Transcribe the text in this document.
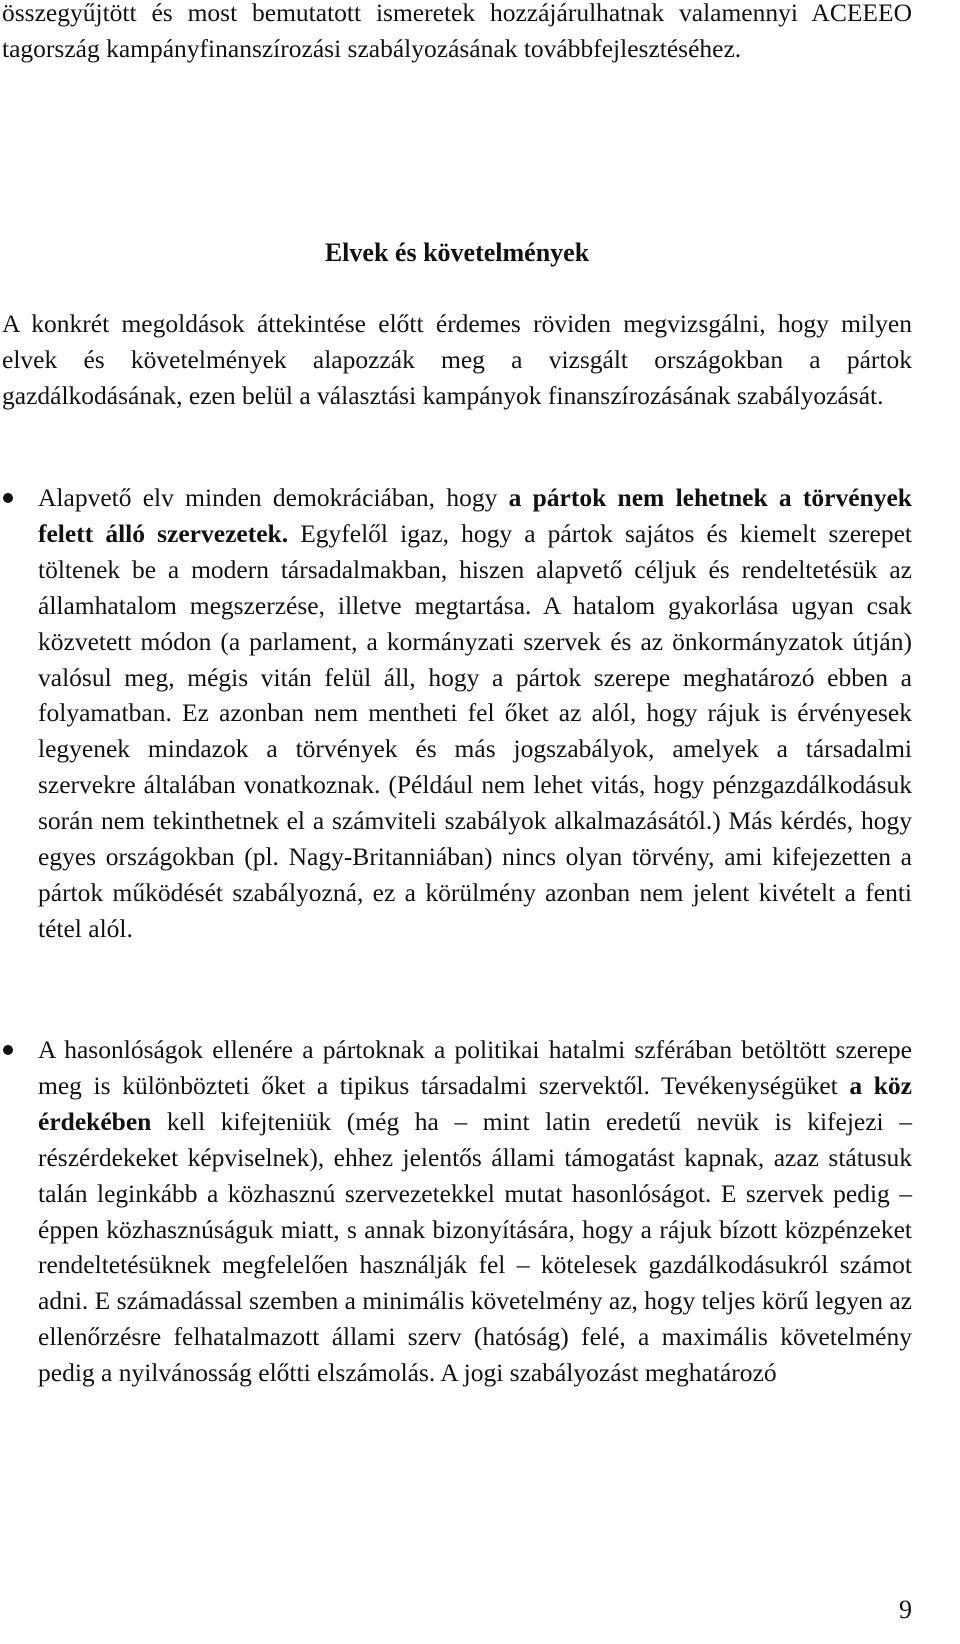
összegyűjtött és most bemutatott ismeretek hozzájárulhatnak valamennyi ACEEEO tagország kampányfinanszírozási szabályozásának továbbfejlesztéséhez.

Elvek és követelmények

A konkrét megoldások áttekintése előtt érdemes röviden megvizsgálni, hogy milyen elvek és követelmények alapozzák meg a vizsgált országokban a pártok gazdálkodásának, ezen belül a választási kampányok finanszírozásának szabályozását.

Alapvető elv minden demokráciában, hogy a pártok nem lehetnek a törvények felett álló szervezetek. Egyfelől igaz, hogy a pártok sajátos és kiemelt szerepet töltenek be a modern társadalmakban, hiszen alapvető céljuk és rendeltetésük az államhatalom megszerzése, illetve megtartása. A hatalom gyakorlása ugyan csak közvetett módon (a parlament, a kormányzati szervek és az önkormányzatok útján) valósul meg, mégis vitán felül áll, hogy a pártok szerepe meghatározó ebben a folyamatban. Ez azonban nem mentheti fel őket az alól, hogy rájuk is érvényesek legyenek mindazok a törvények és más jogszabályok, amelyek a társadalmi szervekre általában vonatkoznak. (Például nem lehet vitás, hogy pénzgazdálkodásuk során nem tekinthetnek el a számviteli szabályok alkalmazásától.) Más kérdés, hogy egyes országokban (pl. Nagy-Britanniában) nincs olyan törvény, ami kifejezetten a pártok működését szabályozná, ez a körülmény azonban nem jelent kivételt a fenti tétel alól.

A hasonlóságok ellenére a pártoknak a politikai hatalmi szférában betöltött szerepe meg is különbözteti őket a tipikus társadalmi szervektől. Tevékenységüket a köz érdekében kell kifejteniük (még ha – mint latin eredetű nevük is kifejezi – részérdekeket képviselnek), ehhez jelentős állami támogatást kapnak, azaz státusuk talán leginkább a közhasznú szervezetekkel mutat hasonlóságot. E szervek pedig – éppen közhasznúságuk miatt, s annak bizonyítására, hogy a rájuk bízott közpénzeket rendeltetésüknek megfelelően használják fel – kötelesek gazdálkodásukról számot adni. E számadással szemben a minimális követelmény az, hogy teljes körű legyen az ellenőrzésre felhatalmazott állami szerv (hatóság) felé, a maximális követelmény pedig a nyilvánosság előtti elszámolás. A jogi szabályozást meghatározó

9
